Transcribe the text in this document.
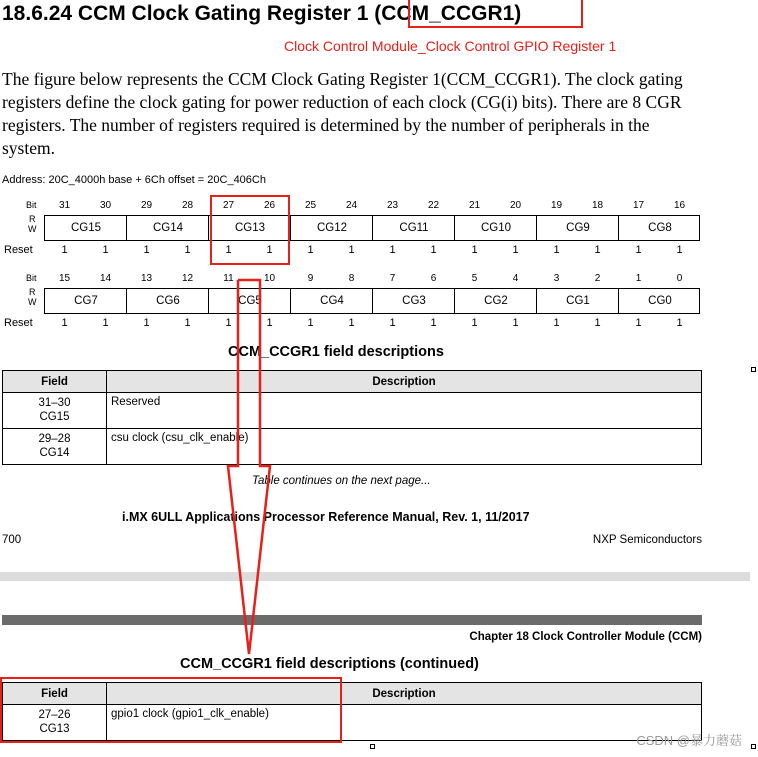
18.6.24 CCM Clock Gating Register 1 (CCM_CCGR1)
Clock Control Module_Clock Control GPIO Register 1
The figure below represents the CCM Clock Gating Register 1(CCM_CCGR1). The clock gating registers define the clock gating for power reduction of each clock (CG(i) bits). There are 8 CGR registers. The number of registers required is determined by the number of peripherals in the system.
Address: 20C_4000h base + 6Ch offset = 20C_406Ch
Bit	31	30	29	28	27	26	25	24	23	22	21	20	19	18	17	16
R
W	CG15	CG14	CG13	CG12	CG11	CG10	CG9	CG8
Reset	1	1	1	1	1	1	1	1	1	1	1	1	1	1	1	1
Bit	15	14	13	12	11	10	9	8	7	6	5	4	3	2	1	0
R
W	CG7	CG6	CG5	CG4	CG3	CG2	CG1	CG0
Reset	1	1	1	1	1	1	1	1	1	1	1	1	1	1	1	1
CCM_CCGR1 field descriptions
Field	Description
31–30
CG15	Reserved
29–28
CG14	csu clock (csu_clk_enable)
Table continues on the next page...
i.MX 6ULL Applications Processor Reference Manual, Rev. 1, 11/2017
700	NXP Semiconductors
Chapter 18 Clock Controller Module (CCM)
CCM_CCGR1 field descriptions (continued)
Field	Description
27–26
CG13	gpio1 clock (gpio1_clk_enable)
CSDN @暴力蘑菇
